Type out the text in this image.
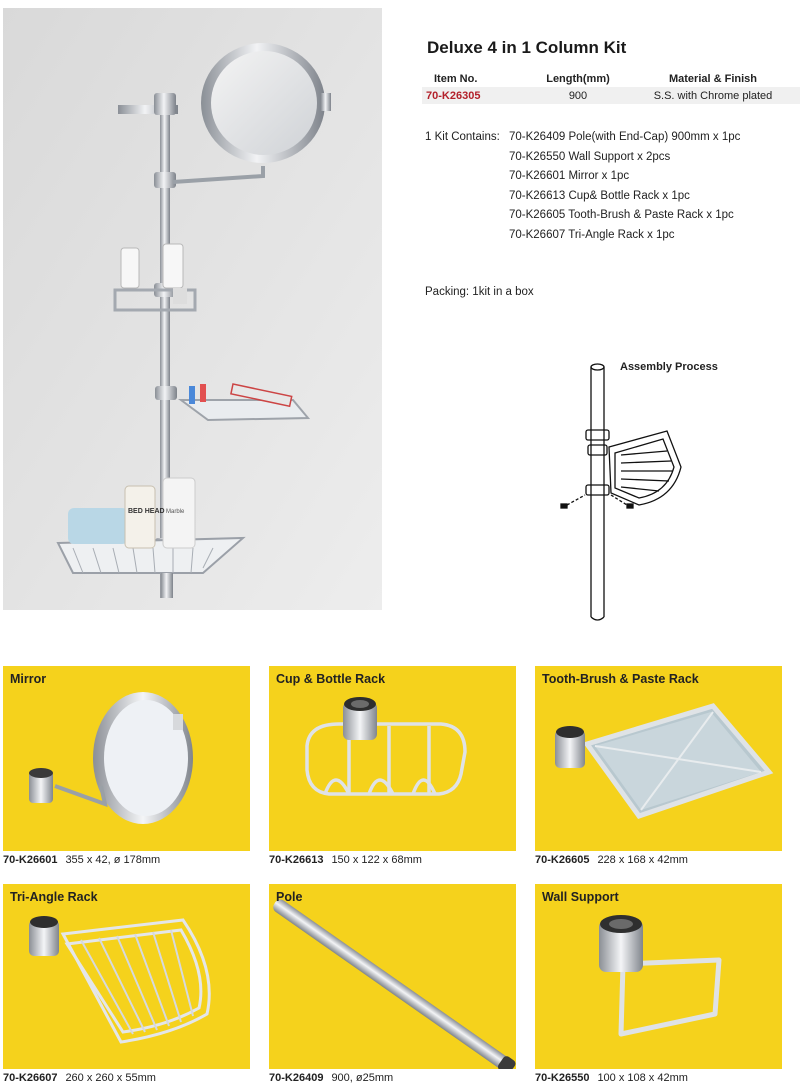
BED HEAD Marble
Deluxe 4 in 1 Column Kit
Item No.	Length(mm)	Material & Finish
70-K26305	900	S.S. with Chrome plated
1 Kit Contains: 70-K26409 Pole(with End-Cap) 900mm x 1pc
70-K26550 Wall Support x 2pcs
70-K26601 Mirror x 1pc
70-K26613 Cup& Bottle Rack x 1pc
70-K26605 Tooth-Brush & Paste Rack x 1pc
70-K26607 Tri-Angle Rack x 1pc
Packing: 1kit in a box
Assembly Process
Mirror
70-K26601 355 x 42, ø 178mm
Cup & Bottle Rack
70-K26613 150 x 122 x 68mm
Tooth-Brush & Paste Rack
70-K26605 228 x 168 x 42mm
Tri-Angle Rack
70-K26607 260 x 260 x 55mm
Pole
70-K26409 900, ø25mm
Wall Support
70-K26550 100 x 108 x 42mm
